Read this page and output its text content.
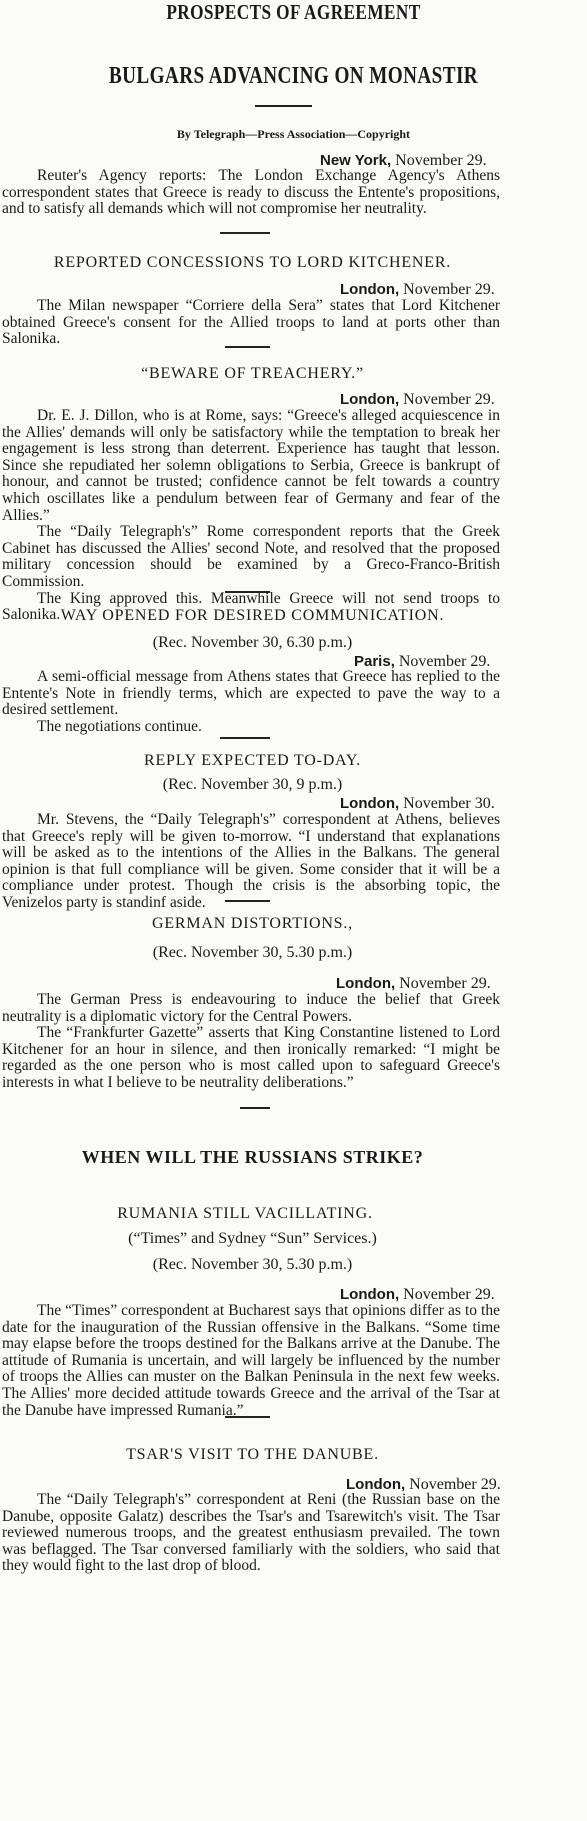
PROSPECTS OF AGREEMENT
BULGARS ADVANCING ON MONASTIR
By Telegraph—Press Association—Copyright
New York, November 29.

Reuter's Agency reports: The London Exchange Agency's Athens correspondent states that Greece is ready to discuss the Entente's propositions, and to satisfy all demands which will not compromise her neutrality.

REPORTED CONCESSIONS TO LORD KITCHENER.
London, November 29.

The Milan newspaper “Corriere della Sera” states that Lord Kitchener obtained Greece's consent for the Allied troops to land at ports other than Salonika.

“BEWARE OF TREACHERY.”
London, November 29.

Dr. E. J. Dillon, who is at Rome, says: “Greece's alleged acquiescence in the Allies' demands will only be satisfactory while the temptation to break her engagement is less strong than deterrent. Experience has taught that lesson. Since she repudiated her solemn obligations to Serbia, Greece is bankrupt of honour, and cannot be trusted; confidence cannot be felt towards a country which oscillates like a pendulum between fear of Germany and fear of the Allies.”

The “Daily Telegraph's” Rome correspondent reports that the Greek Cabinet has discussed the Allies' second Note, and resolved that the proposed military concession should be examined by a Greco-Franco-British Commission.

The King approved this. Meanwhile Greece will not send troops to Salonika. WAY OPENED FOR DESIRED COMMUNICATION.
(Rec. November 30, 6.30 p.m.)
Paris, November 29.

A semi-official message from Athens states that Greece has replied to the Entente's Note in friendly terms, which are expected to pave the way to a desired settlement.

The negotiations continue.

REPLY EXPECTED TO-DAY.
(Rec. November 30, 9 p.m.)
London, November 30.

Mr. Stevens, the “Daily Telegraph's” correspondent at Athens, believes that Greece's reply will be given to-morrow. “I understand that explanations will be asked as to the intentions of the Allies in the Balkans. The general opinion is that full compliance will be given. Some consider that it will be a compliance under protest. Though the crisis is the absorbing topic, the Venizelos party is standinf aside.

GERMAN DISTORTIONS.,
(Rec. November 30, 5.30 p.m.)
London, November 29.

The German Press is endeavouring to induce the belief that Greek neutrality is a diplomatic victory for the Central Powers.

The “Frankfurter Gazette” asserts that King Constantine listened to Lord Kitchener for an hour in silence, and then ironically remarked: “I might be regarded as the one person who is most called upon to safeguard Greece's interests in what I believe to be neutrality deliberations.”

WHEN WILL THE RUSSIANS STRIKE?
RUMANIA STILL VACILLATING.
(“Times” and Sydney “Sun” Services.)
(Rec. November 30, 5.30 p.m.)
London, November 29.

The “Times” correspondent at Bucharest says that opinions differ as to the date for the inauguration of the Russian offensive in the Balkans. “Some time may elapse before the troops destined for the Balkans arrive at the Danube. The attitude of Rumania is uncertain, and will largely be influenced by the number of troops the Allies can muster on the Balkan Peninsula in the next few weeks. The Allies' more decided attitude towards Greece and the arrival of the Tsar at the Danube have impressed Rumania.”

TSAR'S VISIT TO THE DANUBE.
London, November 29.

The “Daily Telegraph's” correspondent at Reni (the Russian base on the Danube, opposite Galatz) describes the Tsar's and Tsarewitch's visit. The Tsar reviewed numerous troops, and the greatest enthusiasm prevailed. The town was beflagged. The Tsar conversed familiarly with the soldiers, who said that they would fight to the last drop of blood.
